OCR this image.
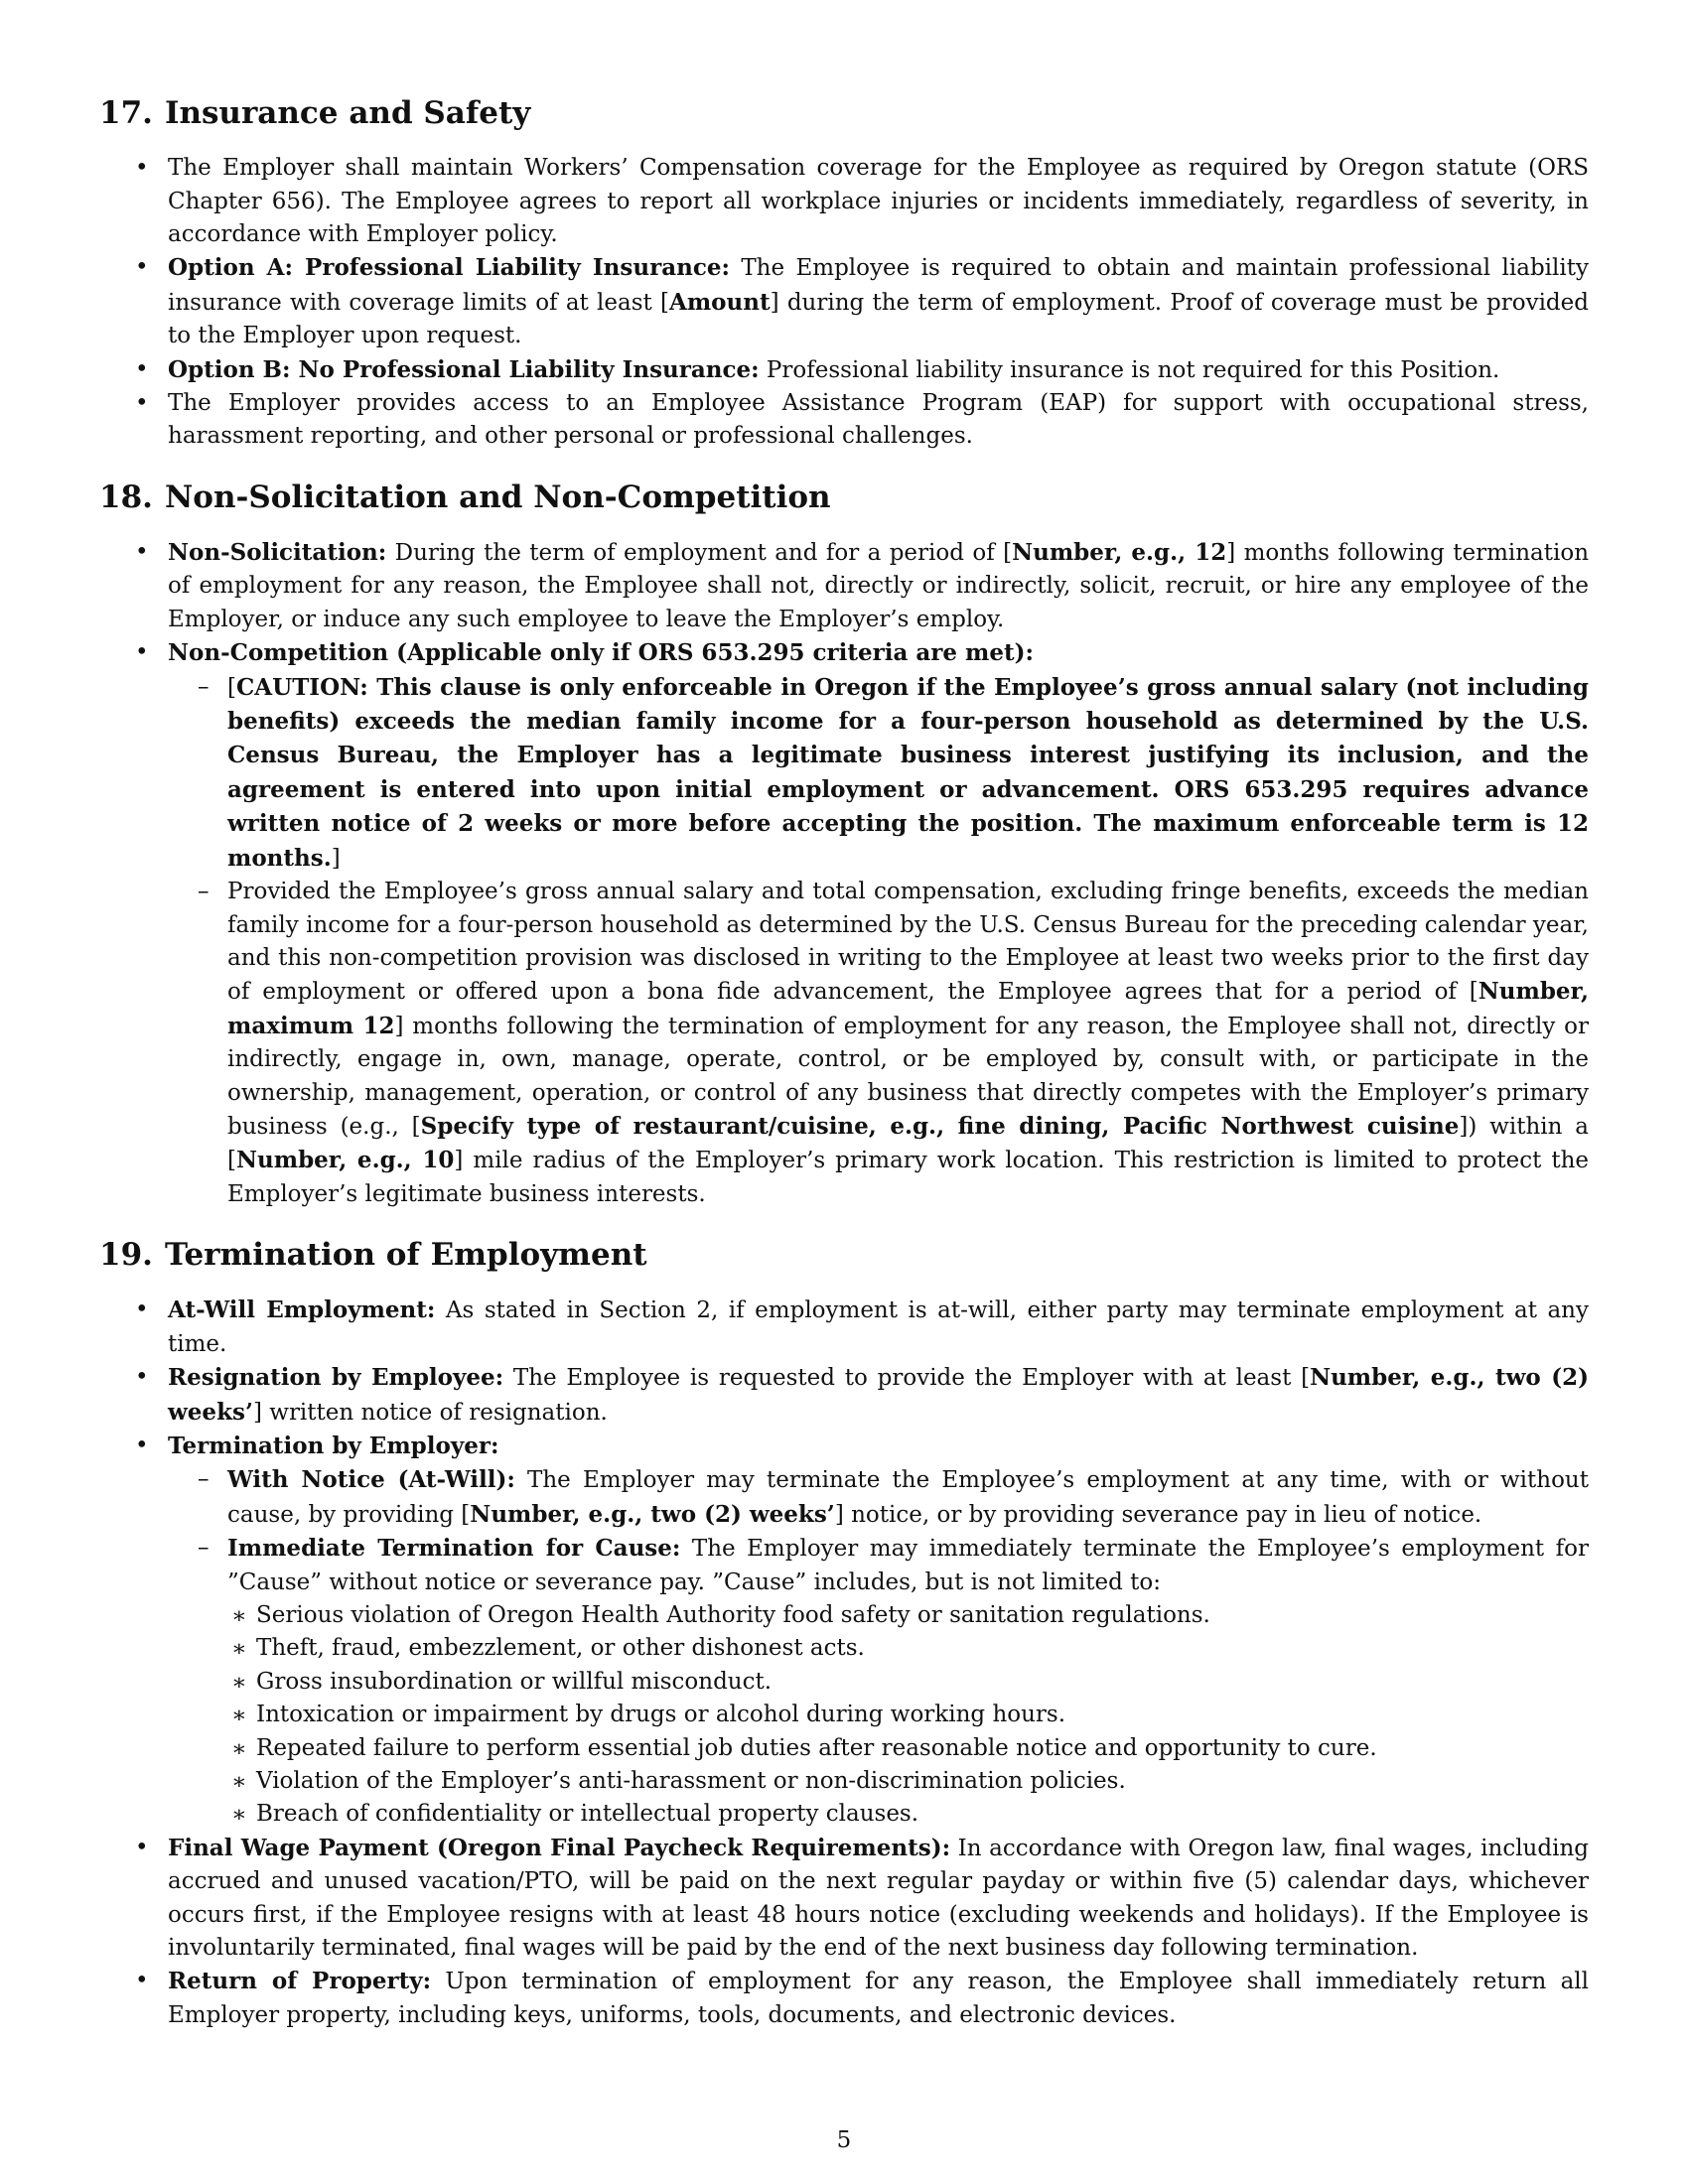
17. Insurance and Safety
• The Employer shall maintain Workers’ Compensation coverage for the Employee as required by Oregon statute (ORS Chapter 656). The Employee agrees to report all workplace injuries or incidents immediately, regardless of severity, in accordance with Employer policy.
• Option A: Professional Liability Insurance: The Employee is required to obtain and maintain professional liability insurance with coverage limits of at least [Amount] during the term of employment. Proof of coverage must be provided to the Employer upon request.
• Option B: No Professional Liability Insurance: Professional liability insurance is not required for this Position.
• The Employer provides access to an Employee Assistance Program (EAP) for support with occupational stress, harassment reporting, and other personal or professional challenges.
18. Non-Solicitation and Non-Competition
• Non-Solicitation: During the term of employment and for a period of [Number, e.g., 12] months following termination of employment for any reason, the Employee shall not, directly or indirectly, solicit, recruit, or hire any employee of the Employer, or induce any such employee to leave the Employer’s employ.
• Non-Competition (Applicable only if ORS 653.295 criteria are met):
– [CAUTION: This clause is only enforceable in Oregon if the Employee’s gross annual salary (not including benefits) exceeds the median family income for a four-person household as determined by the U.S. Census Bureau, the Employer has a legitimate business interest justifying its inclusion, and the agreement is entered into upon initial employment or advancement. ORS 653.295 requires advance written notice of 2 weeks or more before accepting the position. The maximum enforceable term is 12 months.]
– Provided the Employee’s gross annual salary and total compensation, excluding fringe benefits, exceeds the median family income for a four-person household as determined by the U.S. Census Bureau for the preceding calendar year, and this non-competition provision was disclosed in writing to the Employee at least two weeks prior to the first day of employment or offered upon a bona fide advancement, the Employee agrees that for a period of [Number, maximum 12] months following the termination of employment for any reason, the Employee shall not, directly or indirectly, engage in, own, manage, operate, control, or be employed by, consult with, or participate in the ownership, management, operation, or control of any business that directly competes with the Employer’s primary business (e.g., [Specify type of restaurant/cuisine, e.g., fine dining, Pacific Northwest cuisine]) within a [Number, e.g., 10] mile radius of the Employer’s primary work location. This restriction is limited to protect the Employer’s legitimate business interests.
19. Termination of Employment
• At-Will Employment: As stated in Section 2, if employment is at-will, either party may terminate employment at any time.
• Resignation by Employee: The Employee is requested to provide the Employer with at least [Number, e.g., two (2) weeks’] written notice of resignation.
• Termination by Employer:
– With Notice (At-Will): The Employer may terminate the Employee’s employment at any time, with or without cause, by providing [Number, e.g., two (2) weeks’] notice, or by providing severance pay in lieu of notice.
– Immediate Termination for Cause: The Employer may immediately terminate the Employee’s employment for ”Cause” without notice or severance pay. ”Cause” includes, but is not limited to:
∗ Serious violation of Oregon Health Authority food safety or sanitation regulations.
∗ Theft, fraud, embezzlement, or other dishonest acts.
∗ Gross insubordination or willful misconduct.
∗ Intoxication or impairment by drugs or alcohol during working hours.
∗ Repeated failure to perform essential job duties after reasonable notice and opportunity to cure.
∗ Violation of the Employer’s anti-harassment or non-discrimination policies.
∗ Breach of confidentiality or intellectual property clauses.
• Final Wage Payment (Oregon Final Paycheck Requirements): In accordance with Oregon law, final wages, including accrued and unused vacation/PTO, will be paid on the next regular payday or within five (5) calendar days, whichever occurs first, if the Employee resigns with at least 48 hours notice (excluding weekends and holidays). If the Employee is involuntarily terminated, final wages will be paid by the end of the next business day following termination.
• Return of Property: Upon termination of employment for any reason, the Employee shall immediately return all Employer property, including keys, uniforms, tools, documents, and electronic devices.
5
